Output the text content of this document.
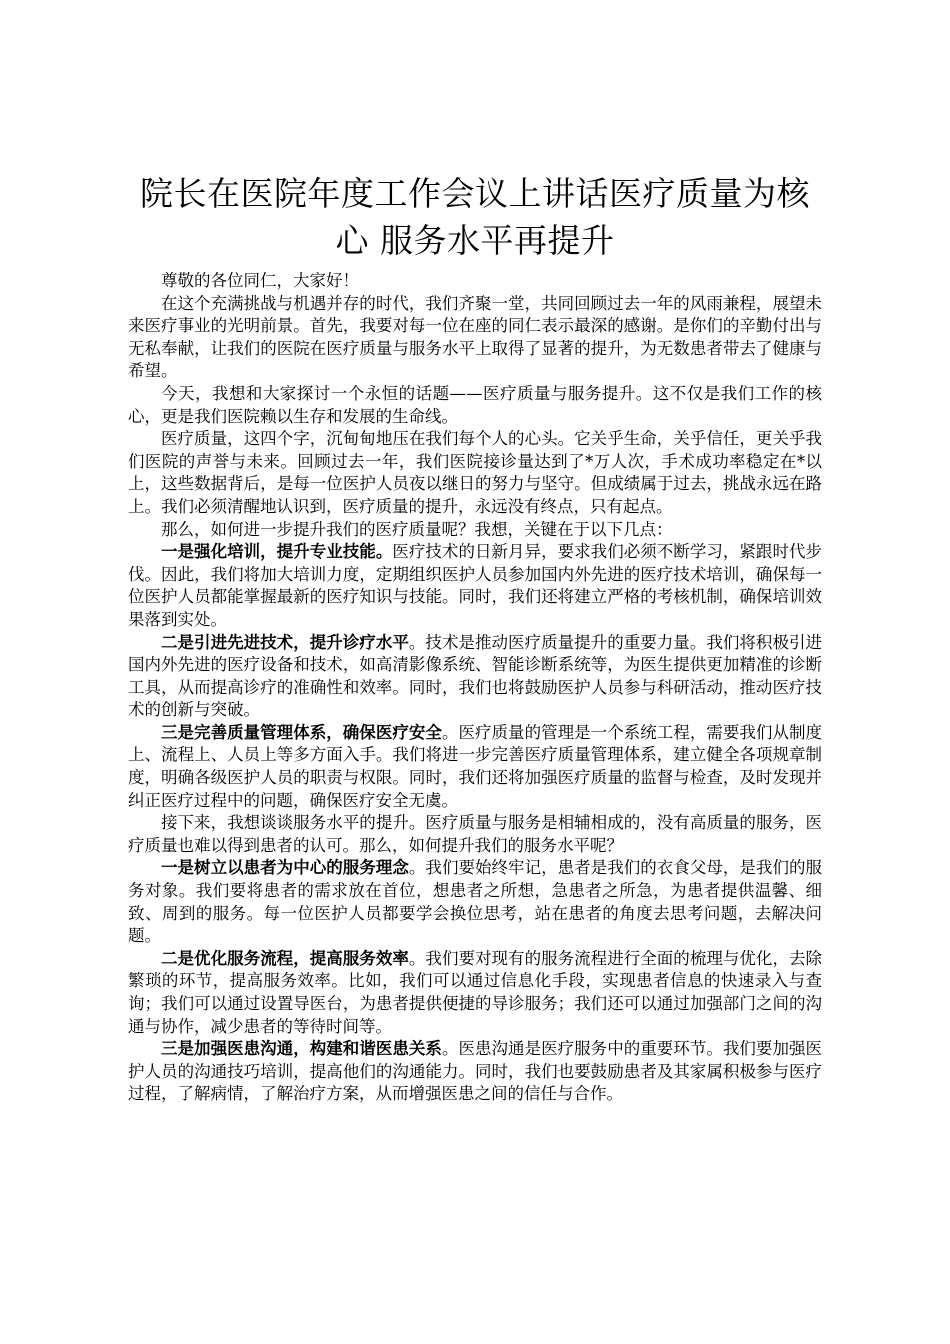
院长在医院年度工作会议上讲话医疗质量为核心 服务水平再提升

尊敬的各位同仁，大家好！

在这个充满挑战与机遇并存的时代，我们齐聚一堂，共同回顾过去一年的风雨兼程，展望未来医疗事业的光明前景。首先，我要对每一位在座的同仁表示最深的感谢。是你们的辛勤付出与无私奉献，让我们的医院在医疗质量与服务水平上取得了显著的提升，为无数患者带去了健康与希望。

今天，我想和大家探讨一个永恒的话题——医疗质量与服务提升。这不仅是我们工作的核心，更是我们医院赖以生存和发展的生命线。

医疗质量，这四个字，沉甸甸地压在我们每个人的心头。它关乎生命，关乎信任，更关乎我们医院的声誉与未来。回顾过去一年，我们医院接诊量达到了*万人次，手术成功率稳定在*以上，这些数据背后，是每一位医护人员夜以继日的努力与坚守。但成绩属于过去，挑战永远在路上。我们必须清醒地认识到，医疗质量的提升，永远没有终点，只有起点。

那么，如何进一步提升我们的医疗质量呢？我想，关键在于以下几点：

一是强化培训，提升专业技能。医疗技术的日新月异，要求我们必须不断学习，紧跟时代步伐。因此，我们将加大培训力度，定期组织医护人员参加国内外先进的医疗技术培训，确保每一位医护人员都能掌握最新的医疗知识与技能。同时，我们还将建立严格的考核机制，确保培训效果落到实处。

二是引进先进技术，提升诊疗水平。技术是推动医疗质量提升的重要力量。我们将积极引进国内外先进的医疗设备和技术，如高清影像系统、智能诊断系统等，为医生提供更加精准的诊断工具，从而提高诊疗的准确性和效率。同时，我们也将鼓励医护人员参与科研活动，推动医疗技术的创新与突破。

三是完善质量管理体系，确保医疗安全。医疗质量的管理是一个系统工程，需要我们从制度上、流程上、人员上等多方面入手。我们将进一步完善医疗质量管理体系，建立健全各项规章制度，明确各级医护人员的职责与权限。同时，我们还将加强医疗质量的监督与检查，及时发现并纠正医疗过程中的问题，确保医疗安全无虞。

接下来，我想谈谈服务水平的提升。医疗质量与服务是相辅相成的，没有高质量的服务，医疗质量也难以得到患者的认可。那么，如何提升我们的服务水平呢？

一是树立以患者为中心的服务理念。我们要始终牢记，患者是我们的衣食父母，是我们的服务对象。我们要将患者的需求放在首位，想患者之所想，急患者之所急，为患者提供温馨、细致、周到的服务。每一位医护人员都要学会换位思考，站在患者的角度去思考问题，去解决问题。

二是优化服务流程，提高服务效率。我们要对现有的服务流程进行全面的梳理与优化，去除繁琐的环节，提高服务效率。比如，我们可以通过信息化手段，实现患者信息的快速录入与查询；我们可以通过设置导医台，为患者提供便捷的导诊服务；我们还可以通过加强部门之间的沟通与协作，减少患者的等待时间等。

三是加强医患沟通，构建和谐医患关系。医患沟通是医疗服务中的重要环节。我们要加强医护人员的沟通技巧培训，提高他们的沟通能力。同时，我们也要鼓励患者及其家属积极参与医疗过程，了解病情，了解治疗方案，从而增强医患之间的信任与合作。
